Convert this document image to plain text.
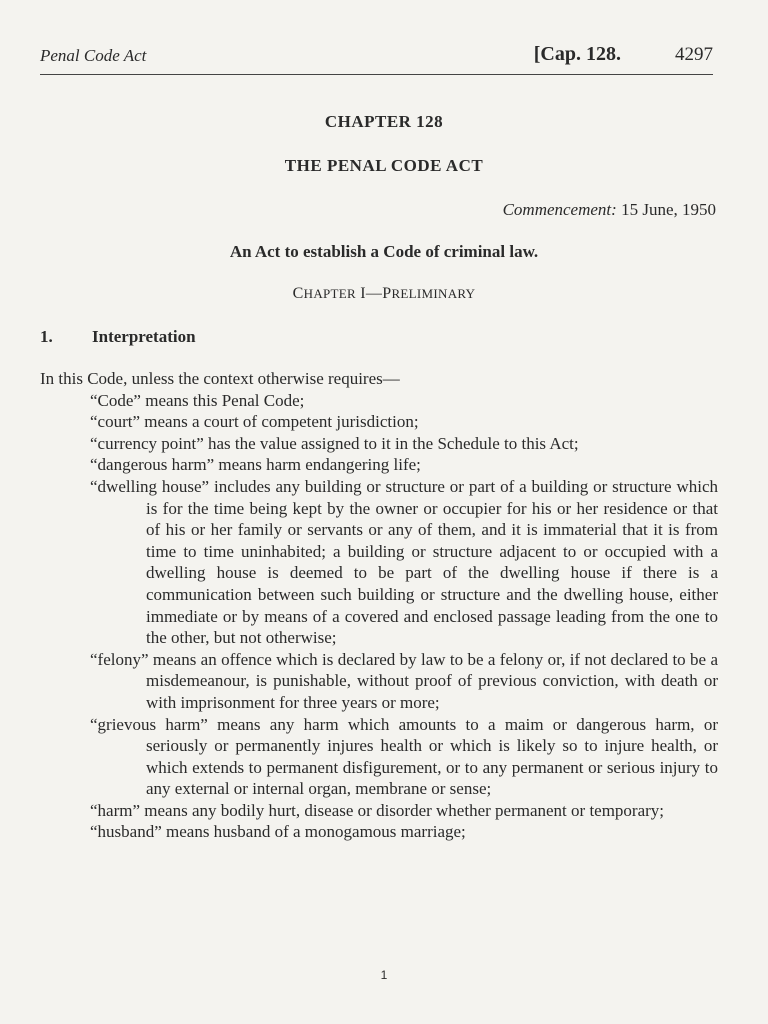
Penal Code Act	[Cap. 128.	4297
CHAPTER 128
THE PENAL CODE ACT
Commencement: 15 June, 1950
An Act to establish a Code of criminal law.
CHAPTER I—PRELIMINARY
1. Interpretation

In this Code, unless the context otherwise requires—

“Code” means this Penal Code;

“court” means a court of competent jurisdiction;

“currency point” has the value assigned to it in the Schedule to this Act;

“dangerous harm” means harm endangering life;

“dwelling house” includes any building or structure or part of a building or structure which is for the time being kept by the owner or occupier for his or her residence or that of his or her family or servants or any of them, and it is immaterial that it is from time to time uninhabited; a building or structure adjacent to or occupied with a dwelling house is deemed to be part of the dwelling house if there is a communication between such building or structure and the dwelling house, either immediate or by means of a covered and enclosed passage leading from the one to the other, but not otherwise;

“felony” means an offence which is declared by law to be a felony or, if not declared to be a misdemeanour, is punishable, without proof of previous conviction, with death or with imprisonment for three years or more;

“grievous harm” means any harm which amounts to a maim or dangerous harm, or seriously or permanently injures health or which is likely so to injure health, or which extends to permanent disfigurement, or to any permanent or serious injury to any external or internal organ, membrane or sense;

“harm” means any bodily hurt, disease or disorder whether permanent or temporary;

“husband” means husband of a monogamous marriage;

1
